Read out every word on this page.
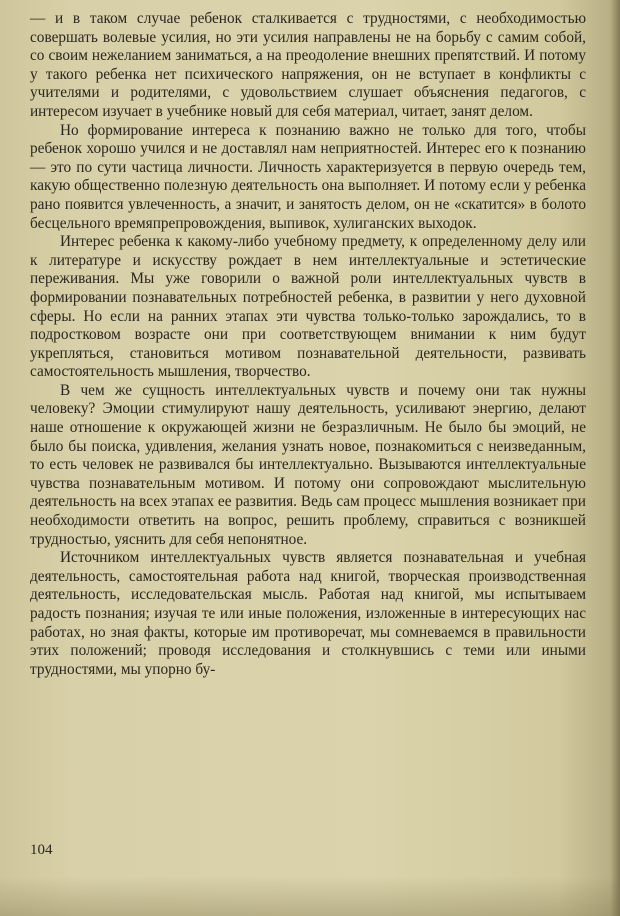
— и в таком случае ребенок сталкивается с трудностями, с необходимостью совершать волевые усилия, но эти усилия направлены не на борьбу с самим собой, со своим нежеланием заниматься, а на преодоление внешних препятствий. И потому у такого ребенка нет психического напряжения, он не вступает в конфликты с учителями и родителями, с удовольствием слушает объяснения педагогов, с интересом изучает в учебнике новый для себя материал, читает, занят делом.

Но формирование интереса к познанию важно не только для того, чтобы ребенок хорошо учился и не доставлял нам неприятностей. Интерес его к познанию — это по сути частица личности. Личность характеризуется в первую очередь тем, какую общественно полезную деятельность она выполняет. И потому если у ребенка рано появится увлеченность, а значит, и занятость делом, он не «скатится» в болото бесцельного времяпрепровождения, выпивок, хулиганских выходок.

Интерес ребенка к какому-либо учебному предмету, к определенному делу или к литературе и искусству рождает в нем интеллектуальные и эстетические переживания. Мы уже говорили о важной роли интеллектуальных чувств в формировании познавательных потребностей ребенка, в развитии у него духовной сферы. Но если на ранних этапах эти чувства только-только зарождались, то в подростковом возрасте они при соответствующем внимании к ним будут укрепляться, становиться мотивом познавательной деятельности, развивать самостоятельность мышления, творчество.

В чем же сущность интеллектуальных чувств и почему они так нужны человеку? Эмоции стимулируют нашу деятельность, усиливают энергию, делают наше отношение к окружающей жизни не безразличным. Не было бы эмоций, не было бы поиска, удивления, желания узнать новое, познакомиться с неизведанным, то есть человек не развивался бы интеллектуально. Вызываются интеллектуальные чувства познавательным мотивом. И потому они сопровождают мыслительную деятельность на всех этапах ее развития. Ведь сам процесс мышления возникает при необходимости ответить на вопрос, решить проблему, справиться с возникшей трудностью, уяснить для себя непонятное.

Источником интеллектуальных чувств является познавательная и учебная деятельность, самостоятельная работа над книгой, творческая производственная деятельность, исследовательская мысль. Работая над книгой, мы испытываем радость познания; изучая те или иные положения, изложенные в интересующих нас работах, но зная факты, которые им противоречат, мы сомневаемся в правильности этих положений; проводя исследования и столкнувшись с теми или иными трудностями, мы упорно бу-

104
